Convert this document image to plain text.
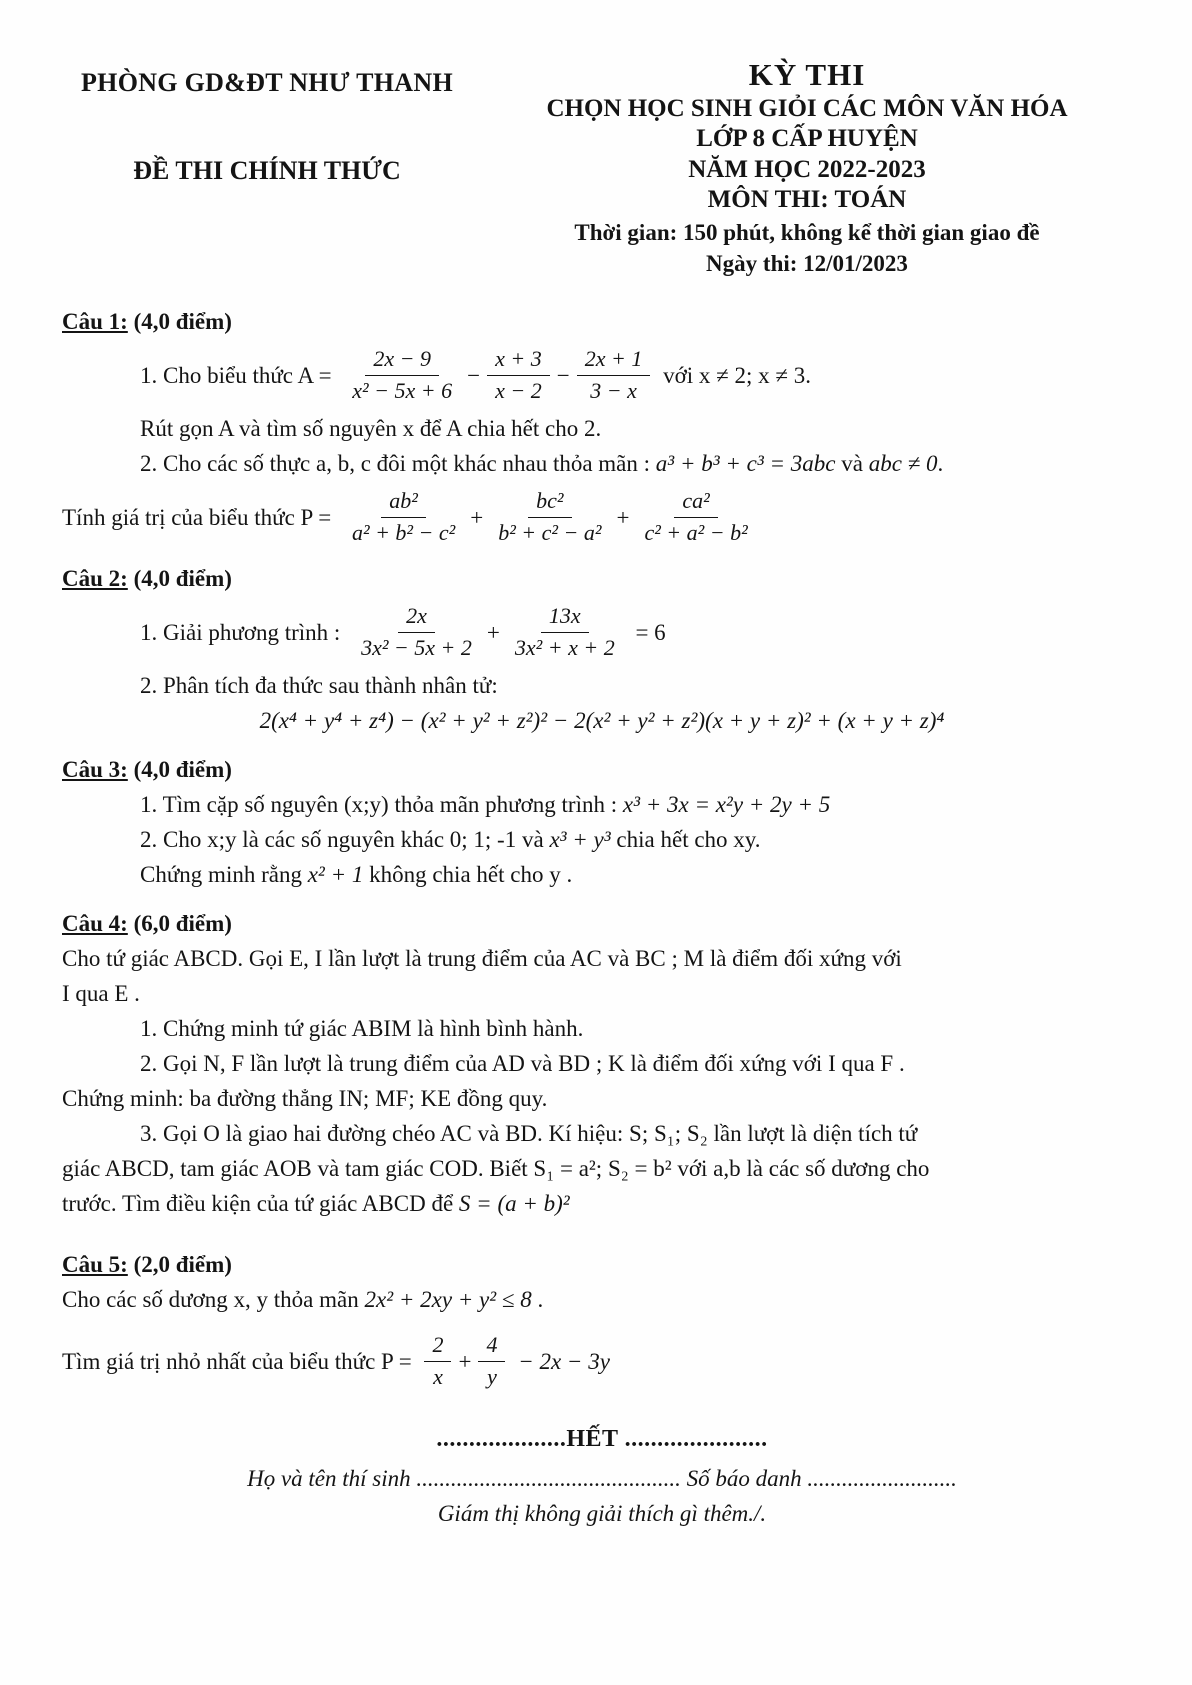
PHÒNG GD&ĐT NHƯ THANH
ĐỀ THI CHÍNH THỨC
KỲ THI
CHỌN HỌC SINH GIỎI CÁC MÔN VĂN HÓA
LỚP 8 CẤP HUYỆN
NĂM HỌC 2022-2023
MÔN THI: TOÁN
Thời gian: 150 phút, không kể thời gian giao đề
Ngày thi: 12/01/2023
Câu 1: (4,0 điểm)
1. Cho biểu thức $A = \frac{2x - 9}{\text{x² − 5x + 6}} - \frac{x + 3}{x - 2} - \frac{2x + 1}{3 - x}$ với x ≠ 2; x ≠ 3.
Rút gọn A và tìm số nguyên x để A chia hết cho 2.
2. Cho các số thực a, b, c đôi một khác nhau thỏa mãn : a³ + b³ + c³ = 3abc và abc ≠ 0.
Tính giá trị của biểu thức $P = \frac{\text{ab²}}{\text{a² + b² − c²}} + \frac{\text{bc²}}{\text{b² + c² − a²}} + \frac{\text{ca²}}{\text{c² + a² − b²}}$
Câu 2: (4,0 điểm)
1. Giải phương trình : $\frac{2x}{\text{3x² − 5x + 2}} + \frac{13x}{\text{3x² + x + 2}} = 6$
2. Phân tích đa thức sau thành nhân tử:
2(x⁴ + y⁴ + z⁴) − (x² + y² + z²)² − 2(x² + y² + z²)(x + y + z)² + (x + y + z)⁴
Câu 3: (4,0 điểm)
1. Tìm cặp số nguyên (x;y) thỏa mãn phương trình : x³ + 3x = x²y + 2y + 5
2. Cho x;y là các số nguyên khác 0; 1; -1 và x³ + y³ chia hết cho xy.
Chứng minh rằng x² + 1 không chia hết cho y .
Câu 4: (6,0 điểm)
Cho tứ giác ABCD. Gọi E, I lần lượt là trung điểm của AC và BC ; M là điểm đối xứng với
I qua E .
1. Chứng minh tứ giác ABIM là hình bình hành.
2. Gọi N, F lần lượt là trung điểm của AD và BD ; K là điểm đối xứng với I qua F .
Chứng minh: ba đường thẳng IN; MF; KE đồng quy.
3. Gọi O là giao hai đường chéo AC và BD. Kí hiệu: S; S₁; S₂ lần lượt là diện tích tứ
giác ABCD, tam giác AOB và tam giác COD. Biết S₁ = a²; S₂ = b² với a,b là các số dương cho
trước. Tìm điều kiện của tứ giác ABCD để S = (a + b)²
Câu 5: (2,0 điểm)
Cho các số dương x, y thỏa mãn 2x² + 2xy + y² ≤ 8 .
Tìm giá trị nhỏ nhất của biểu thức $P = \frac{2}{x} + \frac{4}{y} - 2x - 3y$
....................HẾT ......................
Họ và tên thí sinh .............................................. Số báo danh ..........................
Giám thị không giải thích gì thêm./.
